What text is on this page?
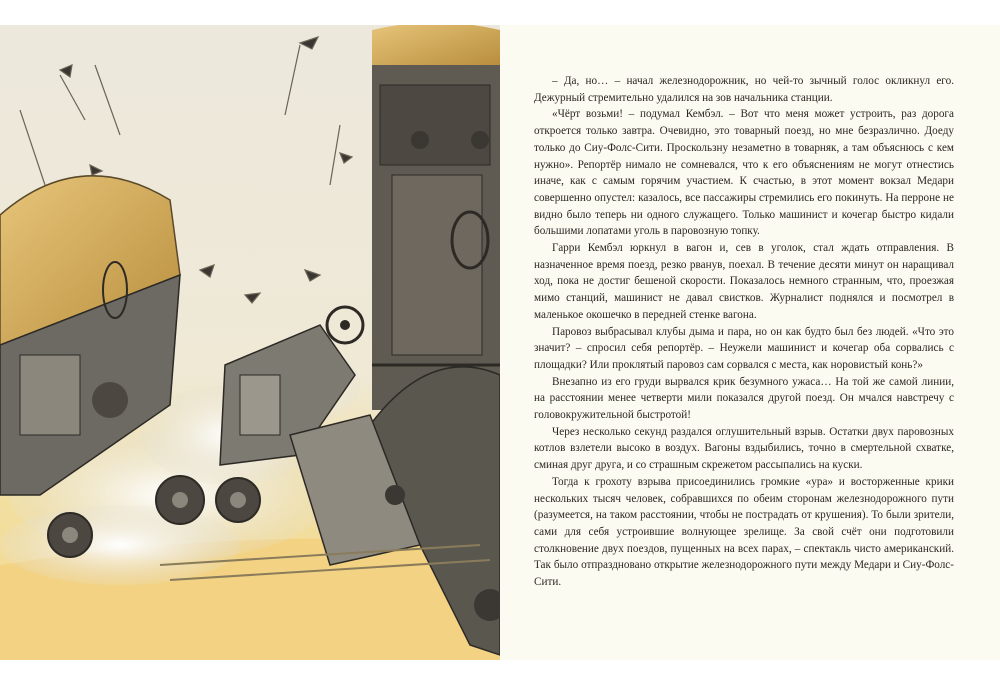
– Да, но… – начал железнодорожник, но чей-то зычный голос окликнул его. Дежурный стремительно удалился на зов начальника станции.

«Чёрт возьми! – подумал Кембэл. – Вот что меня может устроить, раз дорога откроется только завтра. Очевидно, это товарный поезд, но мне безразлично. Доеду только до Сиу-Фолс-Сити. Проскользну незаметно в товарняк, а там объяснюсь с кем нужно». Репортёр нимало не сомневался, что к его объяснениям не могут отнестись иначе, как с самым горячим участием. К счастью, в этот момент вокзал Медари совершенно опустел: казалось, все пассажиры стремились его покинуть. На перроне не видно было теперь ни одного служащего. Только машинист и кочегар быстро кидали большими лопатами уголь в паровозную топку.

Гарри Кембэл юркнул в вагон и, сев в уголок, стал ждать отправления. В назначенное время поезд, резко рванув, поехал. В течение десяти минут он наращивал ход, пока не достиг бешеной скорости. Показалось немного странным, что, проезжая мимо станций, машинист не давал свистков. Журналист поднялся и посмотрел в маленькое окошечко в передней стенке вагона.

Паровоз выбрасывал клубы дыма и пара, но он как будто был без людей. «Что это значит? – спросил себя репортёр. – Неужели машинист и кочегар оба сорвались с площадки? Или проклятый паровоз сам сорвался с места, как норовистый конь?»

Внезапно из его груди вырвался крик безумного ужаса… На той же самой линии, на расстоянии менее четверти мили показался другой поезд. Он мчался навстречу с головокружительной быстротой!

Через несколько секунд раздался оглушительный взрыв. Остатки двух паровозных котлов взлетели высоко в воздух. Вагоны вздыбились, точно в смертельной схватке, сминая друг друга, и со страшным скрежетом рассыпались на куски.

Тогда к грохоту взрыва присоединились громкие «ура» и восторженные крики нескольких тысяч человек, собравшихся по обеим сторонам железнодорожного пути (разумеется, на таком расстоянии, чтобы не пострадать от крушения). То были зрители, сами для себя устроившие волнующее зрелище. За свой счёт они подготовили столкновение двух поездов, пущенных на всех парах, – спектакль чисто американский. Так было отпраздновано открытие железнодорожного пути между Медари и Сиу-Фолс-Сити.
